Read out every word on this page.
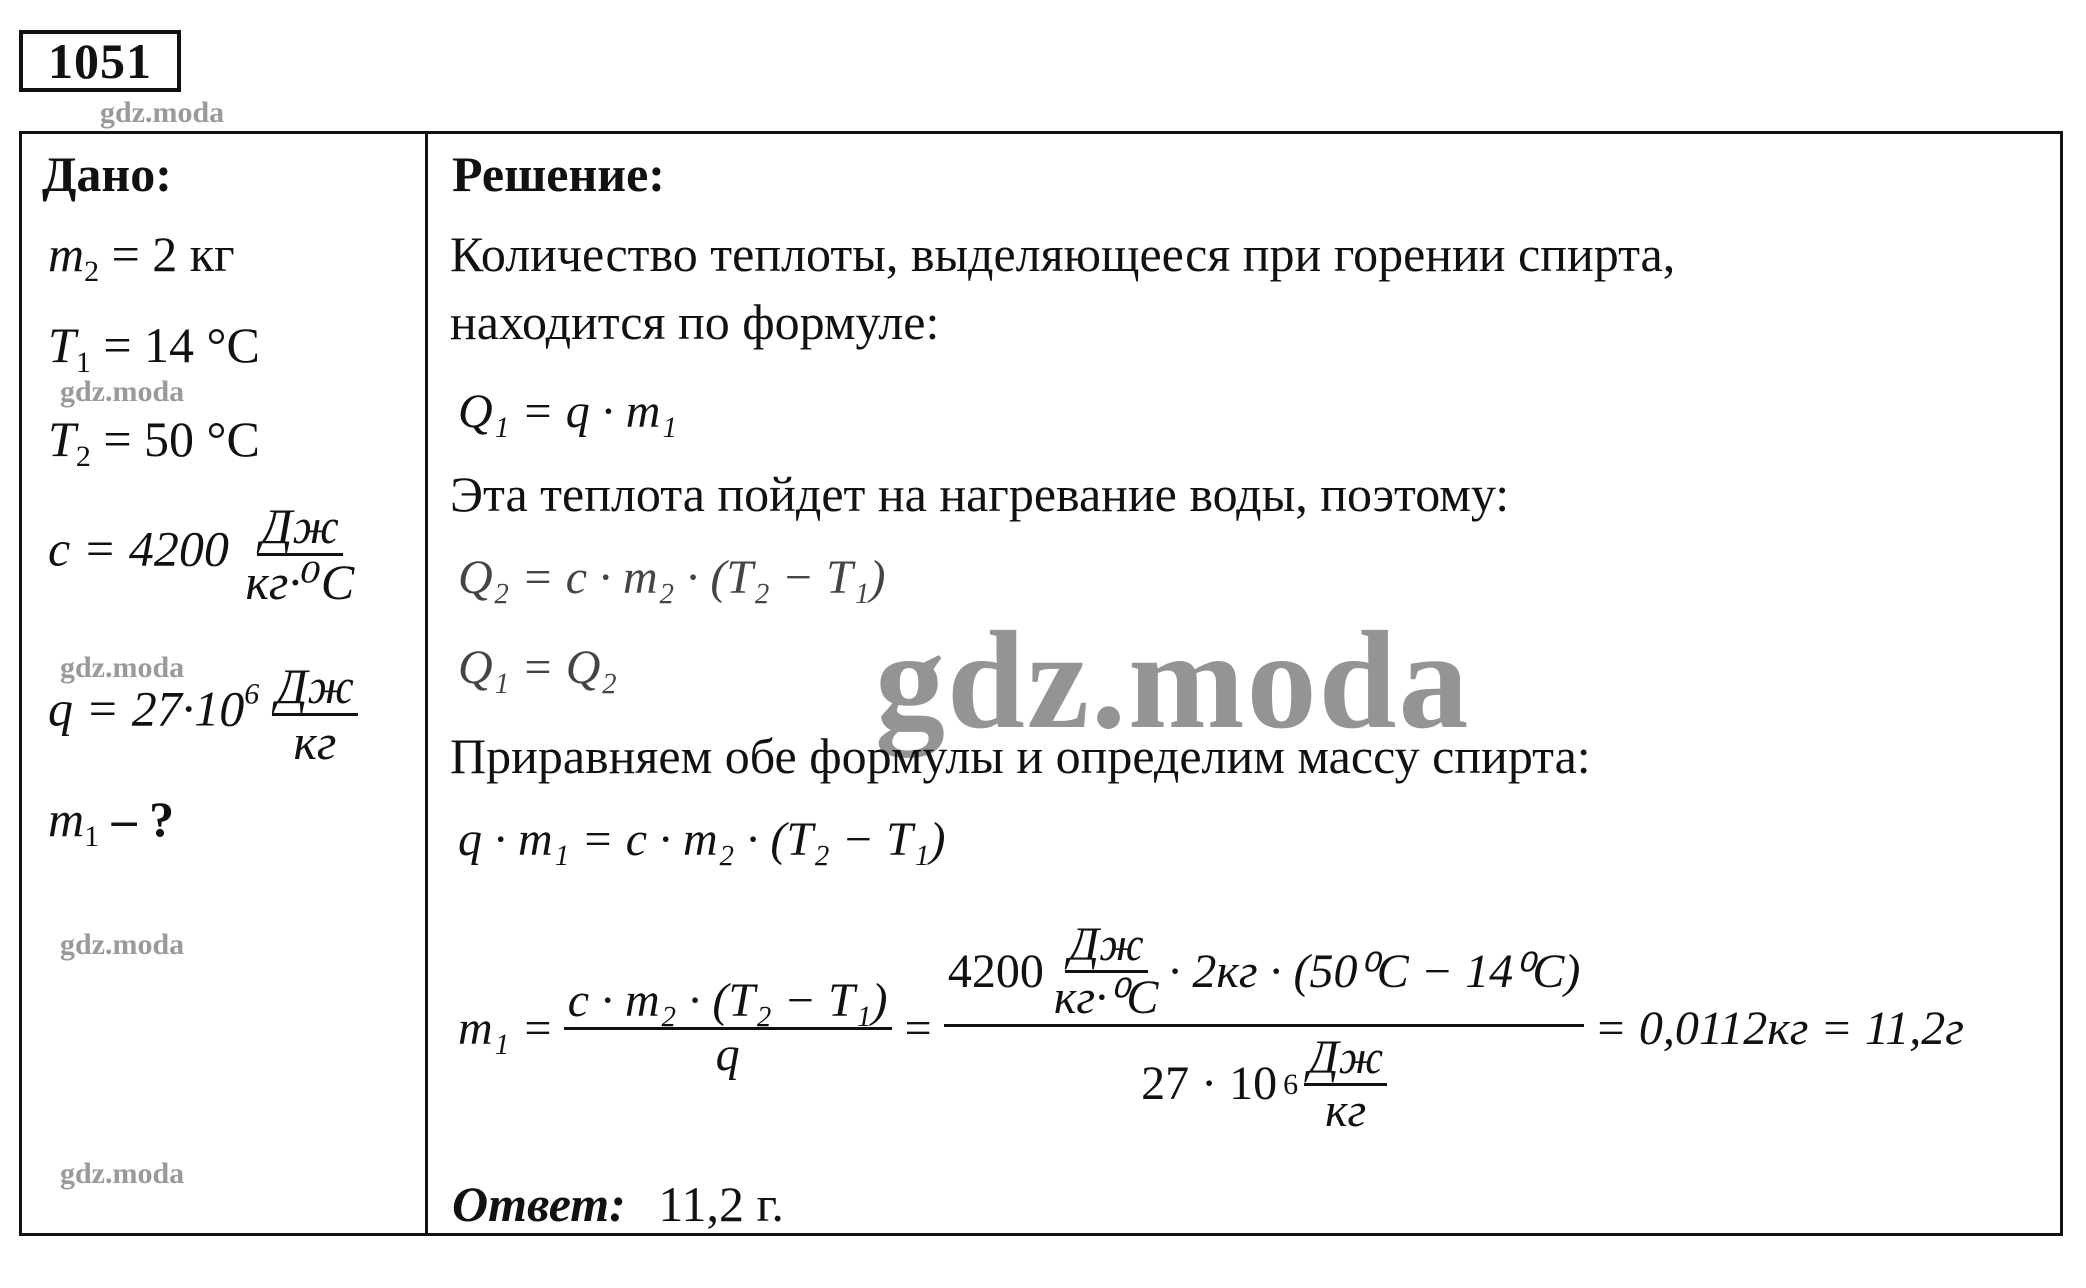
1051
gdz.moda
Дано:
$m_2 = 2$ кг
$T_1 = 14$ °C
gdz.moda
$T_2 = 50$ °C
$c = 4200 \frac{Дж}{\text{кг·⁰C}}$
gdz.moda
$q = 27\cdot 10^6 \frac{Дж}{кг}$
$m_1$ – ?
gdz.moda
gdz.moda
Решение:
Количество теплоты, выделяющееся при горении спирта,
находится по формуле:
Q₁ = q · m₁
Эта теплота пойдет на нагревание воды, поэтому:
Q₂ = c · m₂ · (T₂ − T₁)
Q₁ = Q₂ gdz.moda
Приравняем обе формулы и определим массу спирта:
q · m₁ = c · m₂ · (T₂ − T₁)
$m_1 = \frac{\text{c · m₂ · (T₂ − T₁)}}{q} = \frac{4200 \frac{Дж}{\text{кг·⁰C}} \cdot 2кг \cdot (50^0C - 14^0C)}{27 \cdot 10 6 \frac{Дж}{кг}} = 0,0112кг = 11,2г$
Ответ: 11,2 г.
